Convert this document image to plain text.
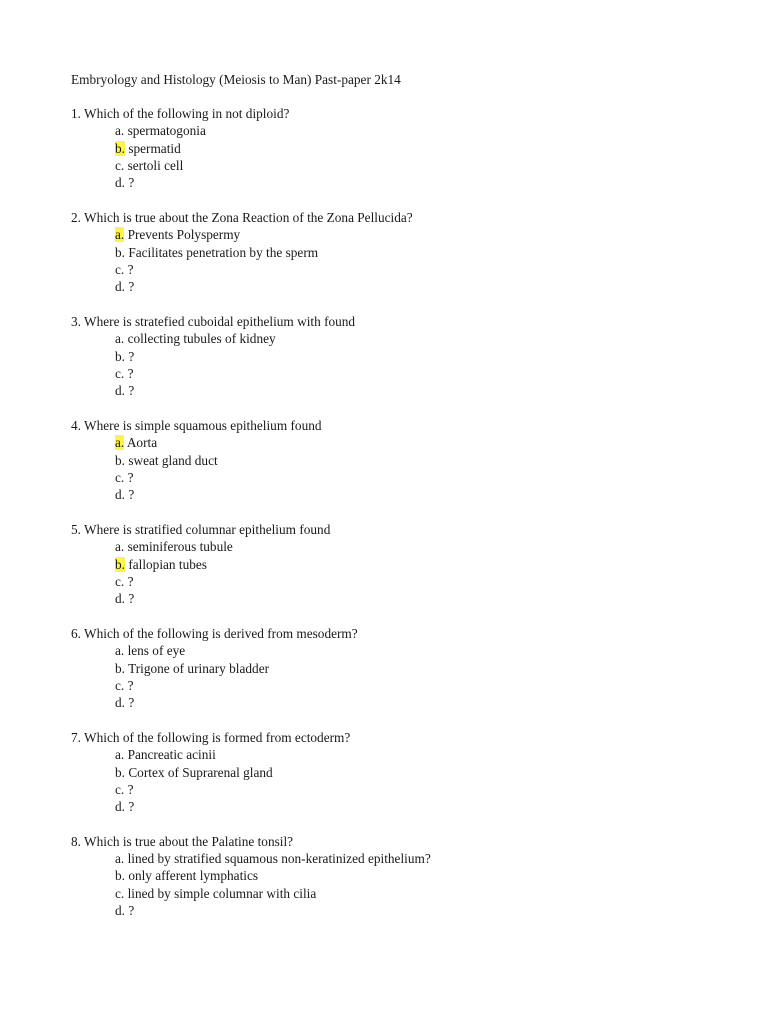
Embryology and Histology (Meiosis to Man) Past-paper 2k14
1. Which of the following in not diploid?
a. spermatogonia
b. spermatid
c. sertoli cell
d. ?
2. Which is true about the Zona Reaction of the Zona Pellucida?
a. Prevents Polyspermy
b. Facilitates penetration by the sperm
c. ?
d. ?
3. Where is stratefied cuboidal epithelium with found
a. collecting tubules of kidney
b. ?
c. ?
d. ?
4. Where is simple squamous epithelium found
a. Aorta
b. sweat gland duct
c. ?
d. ?
5. Where is stratified columnar epithelium found
a. seminiferous tubule
b. fallopian tubes
c. ?
d. ?
6. Which of the following is derived from mesoderm?
a. lens of eye
b. Trigone of urinary bladder
c. ?
d. ?
7. Which of the following is formed from ectoderm?
a. Pancreatic acinii
b. Cortex of Suprarenal gland
c. ?
d. ?
8. Which is true about the Palatine tonsil?
a. lined by stratified squamous non-keratinized epithelium?
b. only afferent lymphatics
c. lined by simple columnar with cilia
d. ?
